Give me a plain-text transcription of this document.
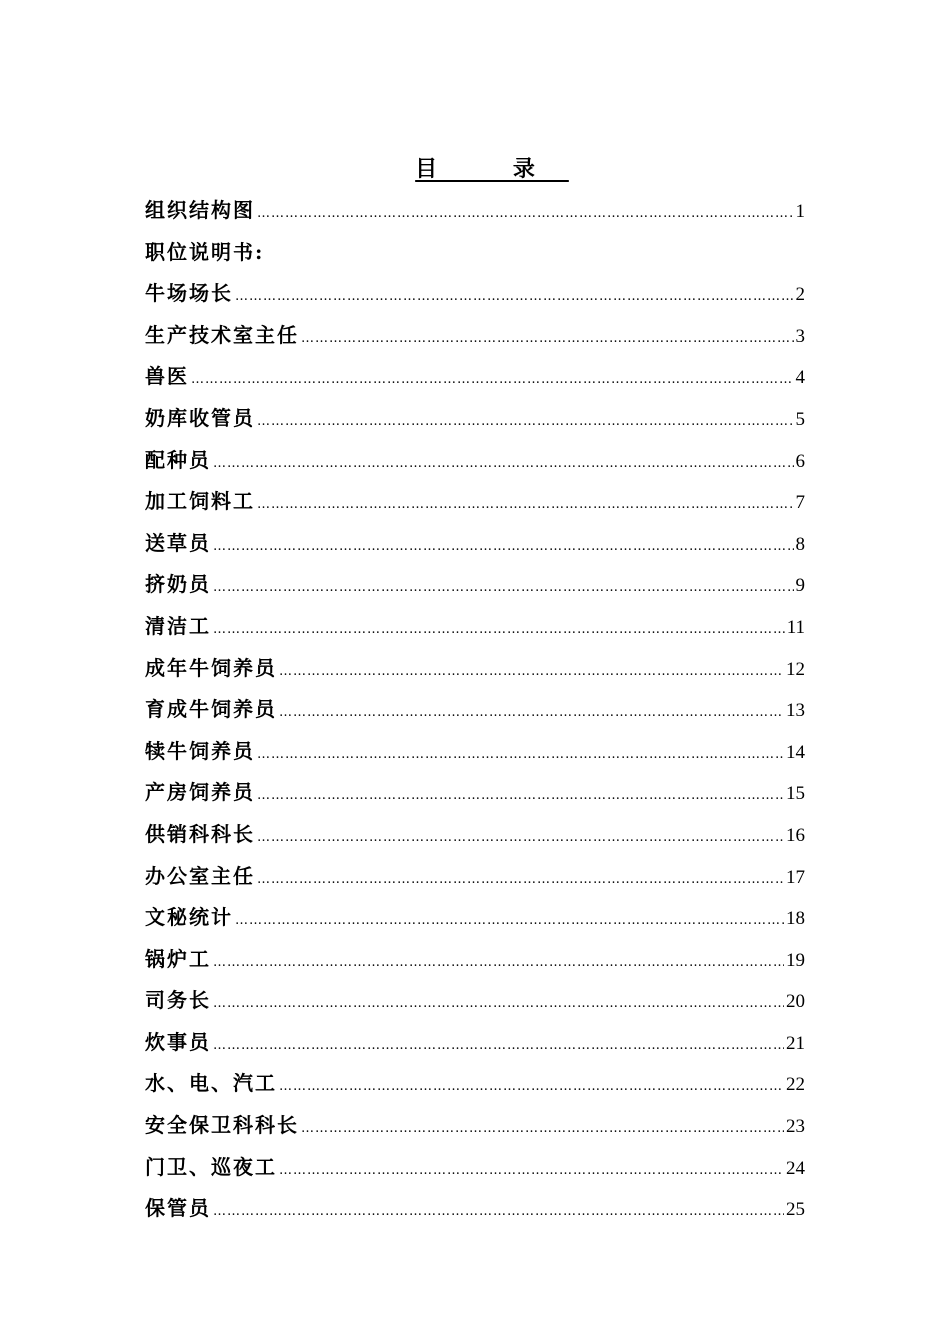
目 录
组织结构图 ………………………………………………………………………………………………………………………………………………………………………………………………………………	1
职位说明书:
牛场场长 ………………………………………………………………………………………………………………………………………………………………………………………………………………	2
生产技术室主任 ………………………………………………………………………………………………………………………………………………………………………………………………………………	3
兽医 ………………………………………………………………………………………………………………………………………………………………………………………………………………	4
奶库收管员 ………………………………………………………………………………………………………………………………………………………………………………………………………………	5
配种员 ………………………………………………………………………………………………………………………………………………………………………………………………………………	6
加工饲料工 ………………………………………………………………………………………………………………………………………………………………………………………………………………	7
送草员 ………………………………………………………………………………………………………………………………………………………………………………………………………………	8
挤奶员 ………………………………………………………………………………………………………………………………………………………………………………………………………………	9
清洁工 ………………………………………………………………………………………………………………………………………………………………………………………………………………	11
成年牛饲养员 ………………………………………………………………………………………………………………………………………………………………………………………………………………	12
育成牛饲养员 ………………………………………………………………………………………………………………………………………………………………………………………………………………	13
犊牛饲养员 ………………………………………………………………………………………………………………………………………………………………………………………………………………	14
产房饲养员 ………………………………………………………………………………………………………………………………………………………………………………………………………………	15
供销科科长 ………………………………………………………………………………………………………………………………………………………………………………………………………………	16
办公室主任 ………………………………………………………………………………………………………………………………………………………………………………………………………………	17
文秘统计 ………………………………………………………………………………………………………………………………………………………………………………………………………………	18
锅炉工 ………………………………………………………………………………………………………………………………………………………………………………………………………………	19
司务长 ………………………………………………………………………………………………………………………………………………………………………………………………………………	20
炊事员 ………………………………………………………………………………………………………………………………………………………………………………………………………………	21
水、电、汽工 ………………………………………………………………………………………………………………………………………………………………………………………………………………	22
安全保卫科科长 ………………………………………………………………………………………………………………………………………………………………………………………………………………	23
门卫、巡夜工 ………………………………………………………………………………………………………………………………………………………………………………………………………………	24
保管员 ………………………………………………………………………………………………………………………………………………………………………………………………………………	25
